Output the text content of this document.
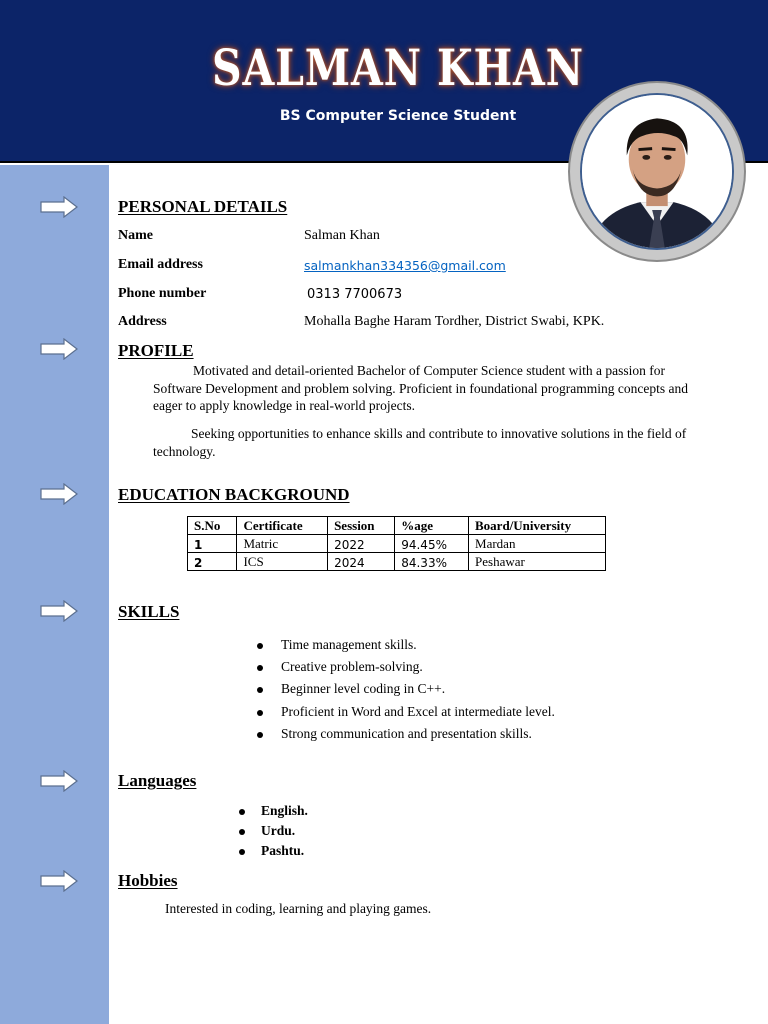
SALMAN KHAN
BS Computer Science Student
PERSONAL DETAILS
Name	Salman Khan
Email address	salmankhan334356@gmail.com
Phone number	0313 7700673
Address	Mohalla Baghe Haram Tordher, District Swabi, KPK.
PROFILE

Motivated and detail-oriented Bachelor of Computer Science student with a passion for Software Development and problem solving. Proficient in foundational programming concepts and eager to apply knowledge in real-world projects.

Seeking opportunities to enhance skills and contribute to innovative solutions in the field of technology.

EDUCATION BACKGROUND
S.No	Certificate	Session	%age	Board/University
1	Matric	2022	94.45%	Mardan
2	ICS	2024	84.33%	Peshawar
SKILLS
Time management skills.
Creative problem-solving.
Beginner level coding in C++.
Proficient in Word and Excel at intermediate level.
Strong communication and presentation skills.
Languages
English.
Urdu.
Pashtu.
Hobbies
Interested in coding, learning and playing games.
